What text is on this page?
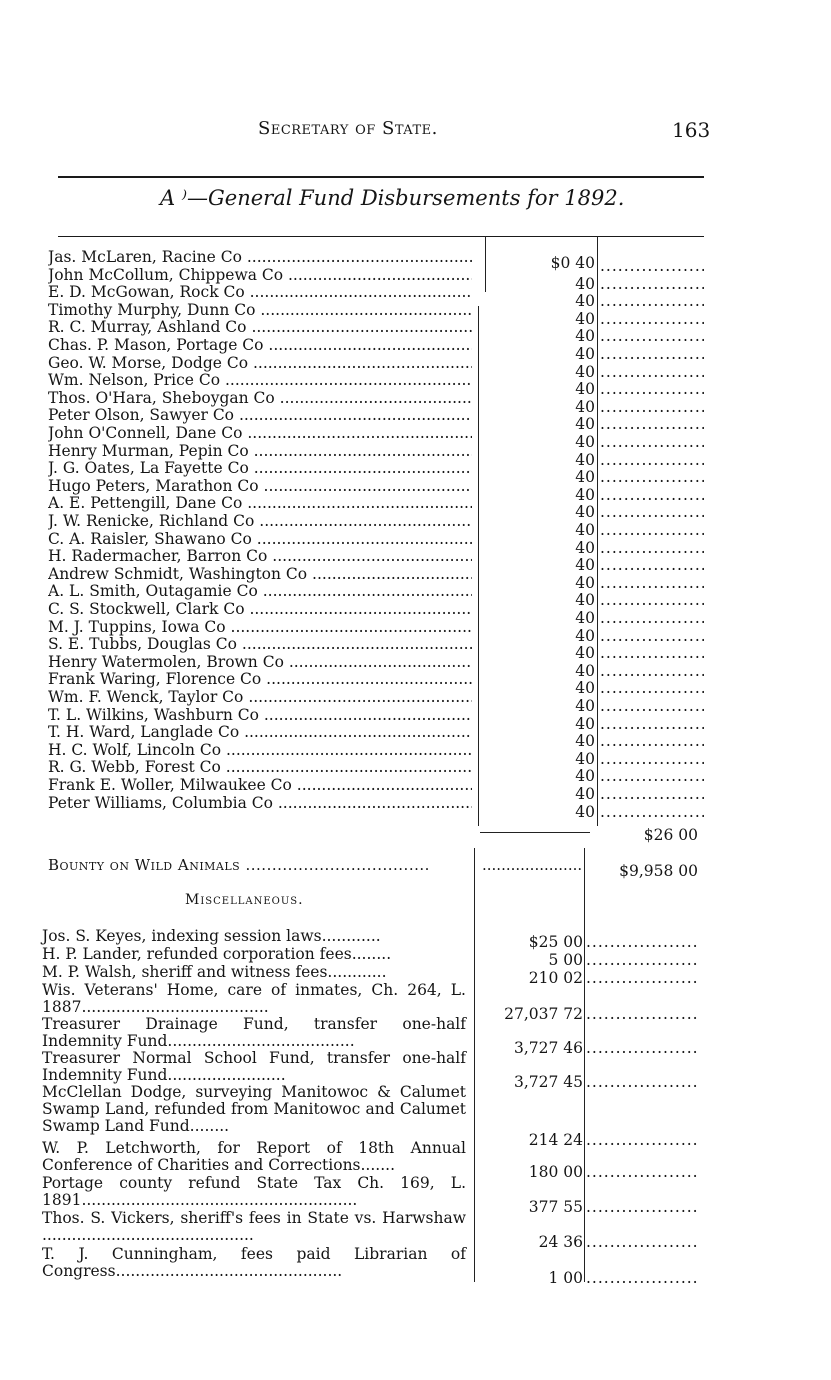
Secretary of State.	163
A ⁾—General Fund Disbursements for 1892.
Jas. McLaren, Racine Co .....	$0 40
.....
John McCollum, Chippewa Co .....	40
.....
E. D. McGowan, Rock Co .....	40
.....
Timothy Murphy, Dunn Co .....	40
.....
R. C. Murray, Ashland Co .....	40
.....
Chas. P. Mason, Portage Co .....	40
.....
Geo. W. Morse, Dodge Co .....	40
.....
Wm. Nelson, Price Co .....	40
.....
Thos. O'Hara, Sheboygan Co .....	40
.....
Peter Olson, Sawyer Co .....	40
.....
John O'Connell, Dane Co .....	40
.....
Henry Murman, Pepin Co .....	40
.....
J. G. Oates, La Fayette Co .....	40
.....
Hugo Peters, Marathon Co .....	40
.....
A. E. Pettengill, Dane Co .....	40
.....
J. W. Renicke, Richland Co .....	40
.....
C. A. Raisler, Shawano Co .....	40
.....
H. Radermacher, Barron Co .....	40
.....
Andrew Schmidt, Washington Co .....	40
.....
A. L. Smith, Outagamie Co .....	40
.....
C. S. Stockwell, Clark Co .....	40
.....
M. J. Tuppins, Iowa Co .....	40
.....
S. E. Tubbs, Douglas Co .....	40
.....
Henry Watermolen, Brown Co .....	40
.....
Frank Waring, Florence Co .....	40
.....
Wm. F. Wenck, Taylor Co .....	40
.....
T. L. Wilkins, Washburn Co .....	40
.....
T. H. Ward, Langlade Co .....	40
.....
H. C. Wolf, Lincoln Co .....	40
.....
R. G. Webb, Forest Co .....	40
.....
Frank E. Woller, Milwaukee Co .....	40
.....
Peter Williams, Columbia Co .....	40
.....
$26 00
Bounty on Wild Animals ................................... .....	$9,958 00
Miscellaneous.
Jos. S. Keyes, indexing session laws............	$25 00
.....
H. P. Lander, refunded corporation fees........	5 00
.....
M. P. Walsh, sheriff and witness fees............	210 02
.....
Wis. Veterans' Home, care of inmates, Ch. 264, L. 1887......................................	27,037 72
.....
Treasurer Drainage Fund, transfer one-half Indemnity Fund......................................	3,727 46
.....
Treasurer Normal School Fund, transfer one-half Indemnity Fund........................	3,727 45
.....
McClellan Dodge, surveying Manitowoc & Calumet Swamp Land, refunded from Manitowoc and Calumet Swamp Land Fund........
214 24
.....
W. P. Letchworth, for Report of 18th Annual Conference of Charities and Corrections.......	180 00
.....
Portage county refund State Tax Ch. 169, L. 1891........................................................	377 55
.....
Thos. S. Vickers, sheriff's fees in State vs. Harwshaw ...........................................	24 36
.....
T. J. Cunningham, fees paid Librarian of Congress..............................................	1 00
.....
